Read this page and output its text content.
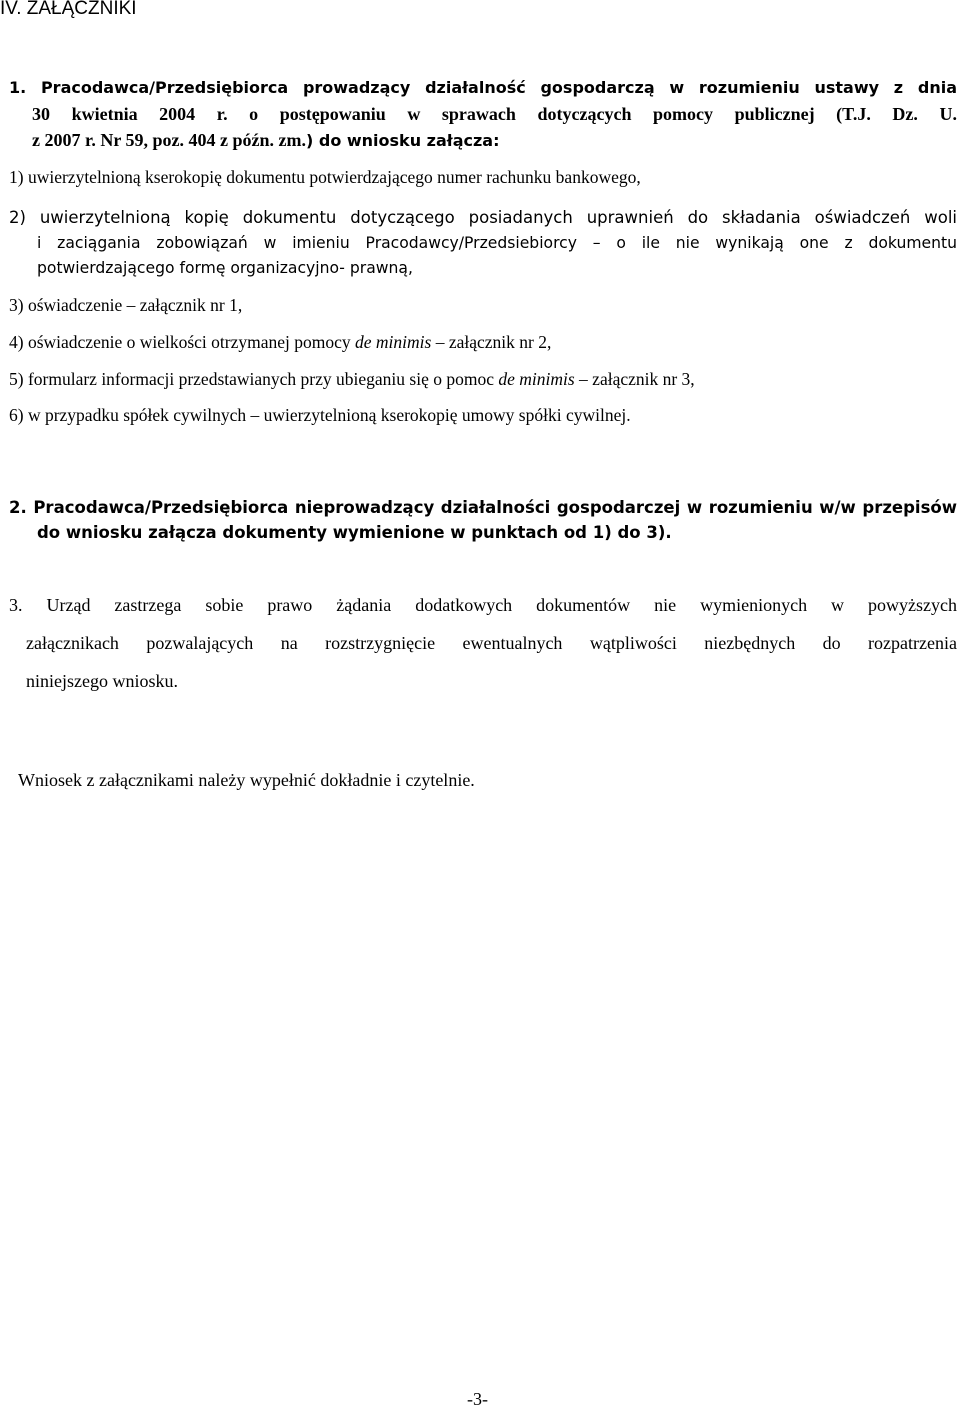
IV. ZAŁĄCZNIKI
1. Pracodawca/Przedsiębiorca prowadzący działalność gospodarczą w rozumieniu ustawy z dnia
30 kwietnia 2004 r. o postępowaniu w sprawach dotyczących pomocy publicznej (T.J. Dz. U.
z 2007 r. Nr 59, poz. 404 z późn. zm.) do wniosku załącza:
1) uwierzytelnioną kserokopię dokumentu potwierdzającego numer rachunku bankowego,
2) uwierzytelnioną kopię dokumentu dotyczącego posiadanych uprawnień do składania oświadczeń woli
i zaciągania zobowiązań w imieniu Pracodawcy/Przedsiebiorcy – o ile nie wynikają one z dokumentu
potwierdzającego formę organizacyjno- prawną,
3) oświadczenie – załącznik nr 1,
4) oświadczenie o wielkości otrzymanej pomocy de minimis – załącznik nr 2,
5) formularz informacji przedstawianych przy ubieganiu się o pomoc de minimis – załącznik nr 3,
6) w przypadku spółek cywilnych – uwierzytelnioną kserokopię umowy spółki cywilnej.
2. Pracodawca/Przedsiębiorca nieprowadzący działalności gospodarczej w rozumieniu w/w przepisów
do wniosku załącza dokumenty wymienione w punktach od 1) do 3).
3. Urząd zastrzega sobie prawo żądania dodatkowych dokumentów nie wymienionych w powyższych
załącznikach pozwalających na rozstrzygnięcie ewentualnych wątpliwości niezbędnych do rozpatrzenia
niniejszego wniosku.
Wniosek z załącznikami należy wypełnić dokładnie i czytelnie.
-3-
